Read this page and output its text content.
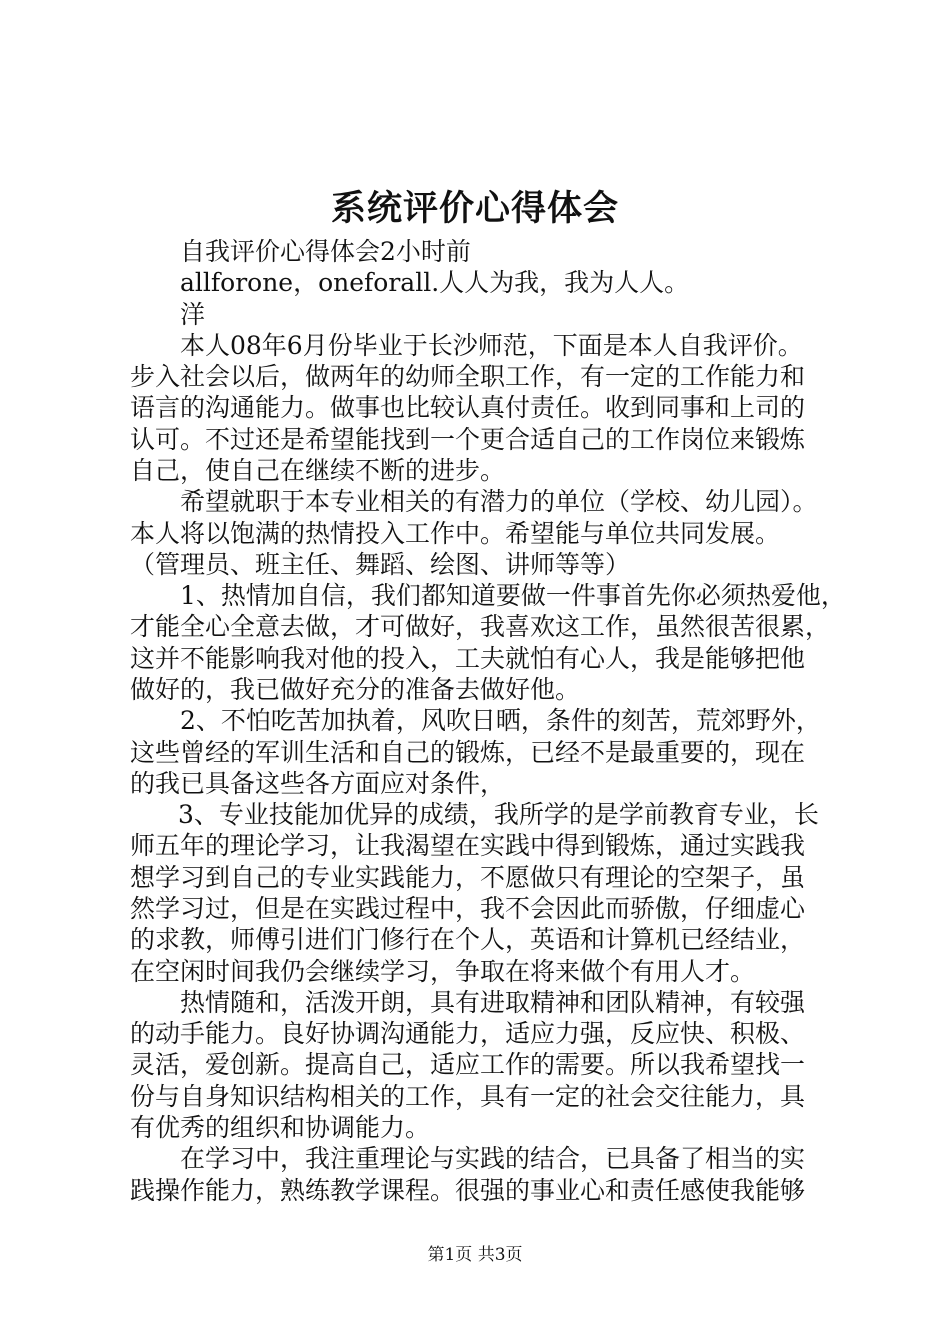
系统评价心得体会
自我评价心得体会2小时前
allforone，oneforall.人人为我，我为人人。
洋
本人08年6月份毕业于长沙师范，下面是本人自我评价。
步入社会以后，做两年的幼师全职工作，有一定的工作能力和
语言的沟通能力。做事也比较认真付责任。收到同事和上司的
认可。不过还是希望能找到一个更合适自己的工作岗位来锻炼
自己，使自己在继续不断的进步。
希望就职于本专业相关的有潜力的单位（学校、幼儿园）。
本人将以饱满的热情投入工作中。希望能与单位共同发展。
（管理员、班主任、舞蹈、绘图、讲师等等）
1、热情加自信，我们都知道要做一件事首先你必须热爱他，
才能全心全意去做，才可做好，我喜欢这工作，虽然很苦很累，
这并不能影响我对他的投入，工夫就怕有心人，我是能够把他
做好的，我已做好充分的准备去做好他。
2、不怕吃苦加执着，风吹日晒，条件的刻苦，荒郊野外，
这些曾经的军训生活和自己的锻炼，已经不是最重要的，现在
的我已具备这些各方面应对条件，
3、专业技能加优异的成绩，我所学的是学前教育专业，长
师五年的理论学习，让我渴望在实践中得到锻炼，通过实践我
想学习到自己的专业实践能力，不愿做只有理论的空架子，虽
然学习过，但是在实践过程中，我不会因此而骄傲，仔细虚心
的求教，师傅引进们门修行在个人，英语和计算机已经结业，
在空闲时间我仍会继续学习，争取在将来做个有用人才。
热情随和，活泼开朗，具有进取精神和团队精神，有较强
的动手能力。良好协调沟通能力，适应力强，反应快、积极、
灵活，爱创新。提高自己，适应工作的需要。所以我希望找一
份与自身知识结构相关的工作，具有一定的社会交往能力，具
有优秀的组织和协调能力。
在学习中，我注重理论与实践的结合，已具备了相当的实
践操作能力，熟练教学课程。很强的事业心和责任感使我能够
第1页 共3页
